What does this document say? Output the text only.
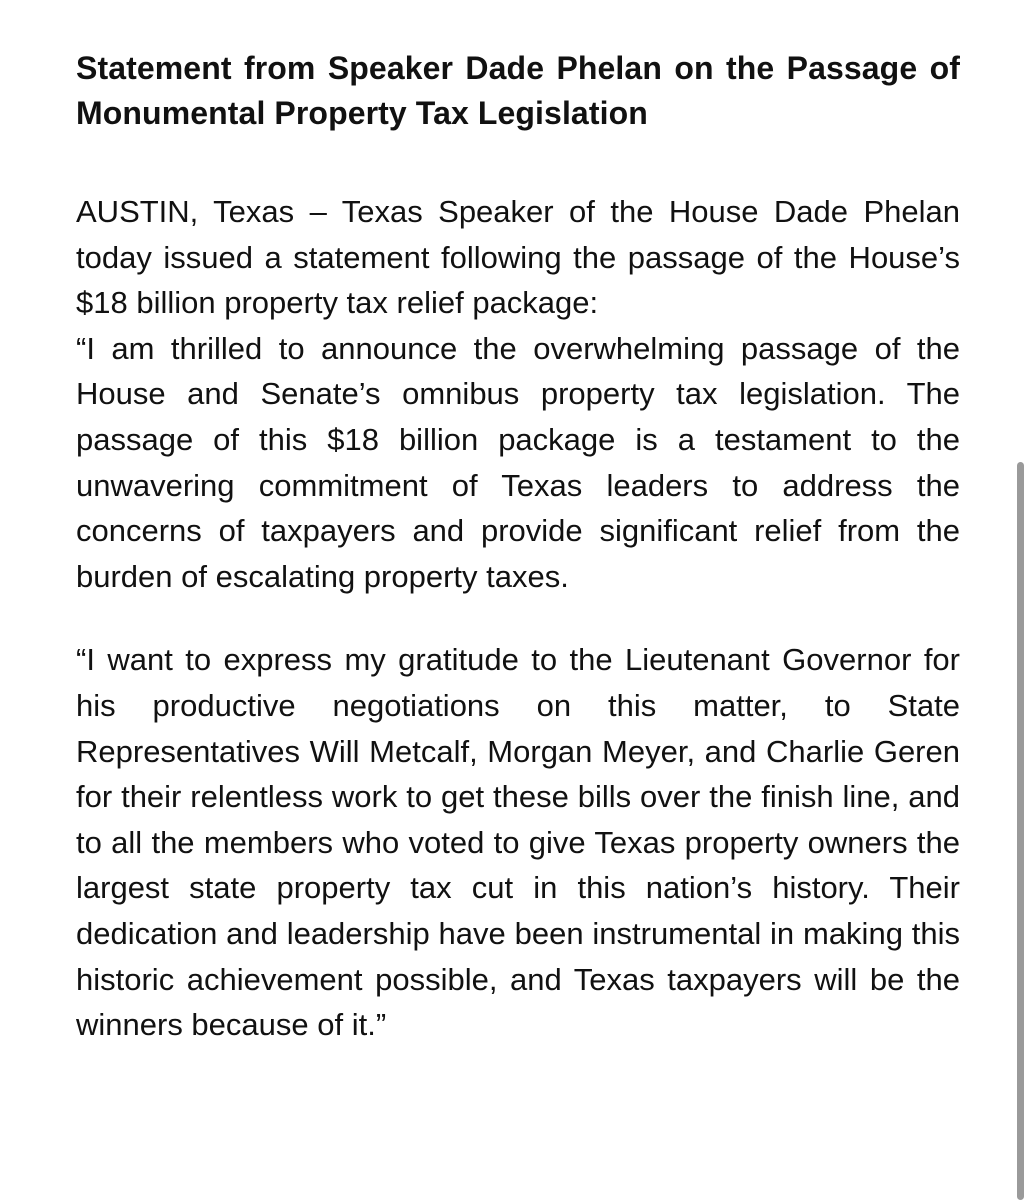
Statement from Speaker Dade Phelan on the Passage of Monumental Property Tax Legislation

AUSTIN, Texas – Texas Speaker of the House Dade Phelan today issued a statement following the passage of the House’s $18 billion property tax relief package:

“I am thrilled to announce the overwhelming passage of the House and Senate’s omnibus property tax legislation. The passage of this $18 billion package is a testament to the unwavering commitment of Texas leaders to address the concerns of taxpayers and provide significant relief from the burden of escalating property taxes.

“I want to express my gratitude to the Lieutenant Governor for his productive negotiations on this matter, to State Representatives Will Metcalf, Morgan Meyer, and Charlie Geren for their relentless work to get these bills over the finish line, and to all the members who voted to give Texas property owners the largest state property tax cut in this nation’s history. Their dedication and leadership have been instrumental in making this historic achievement possible, and Texas taxpayers will be the winners because of it.”
